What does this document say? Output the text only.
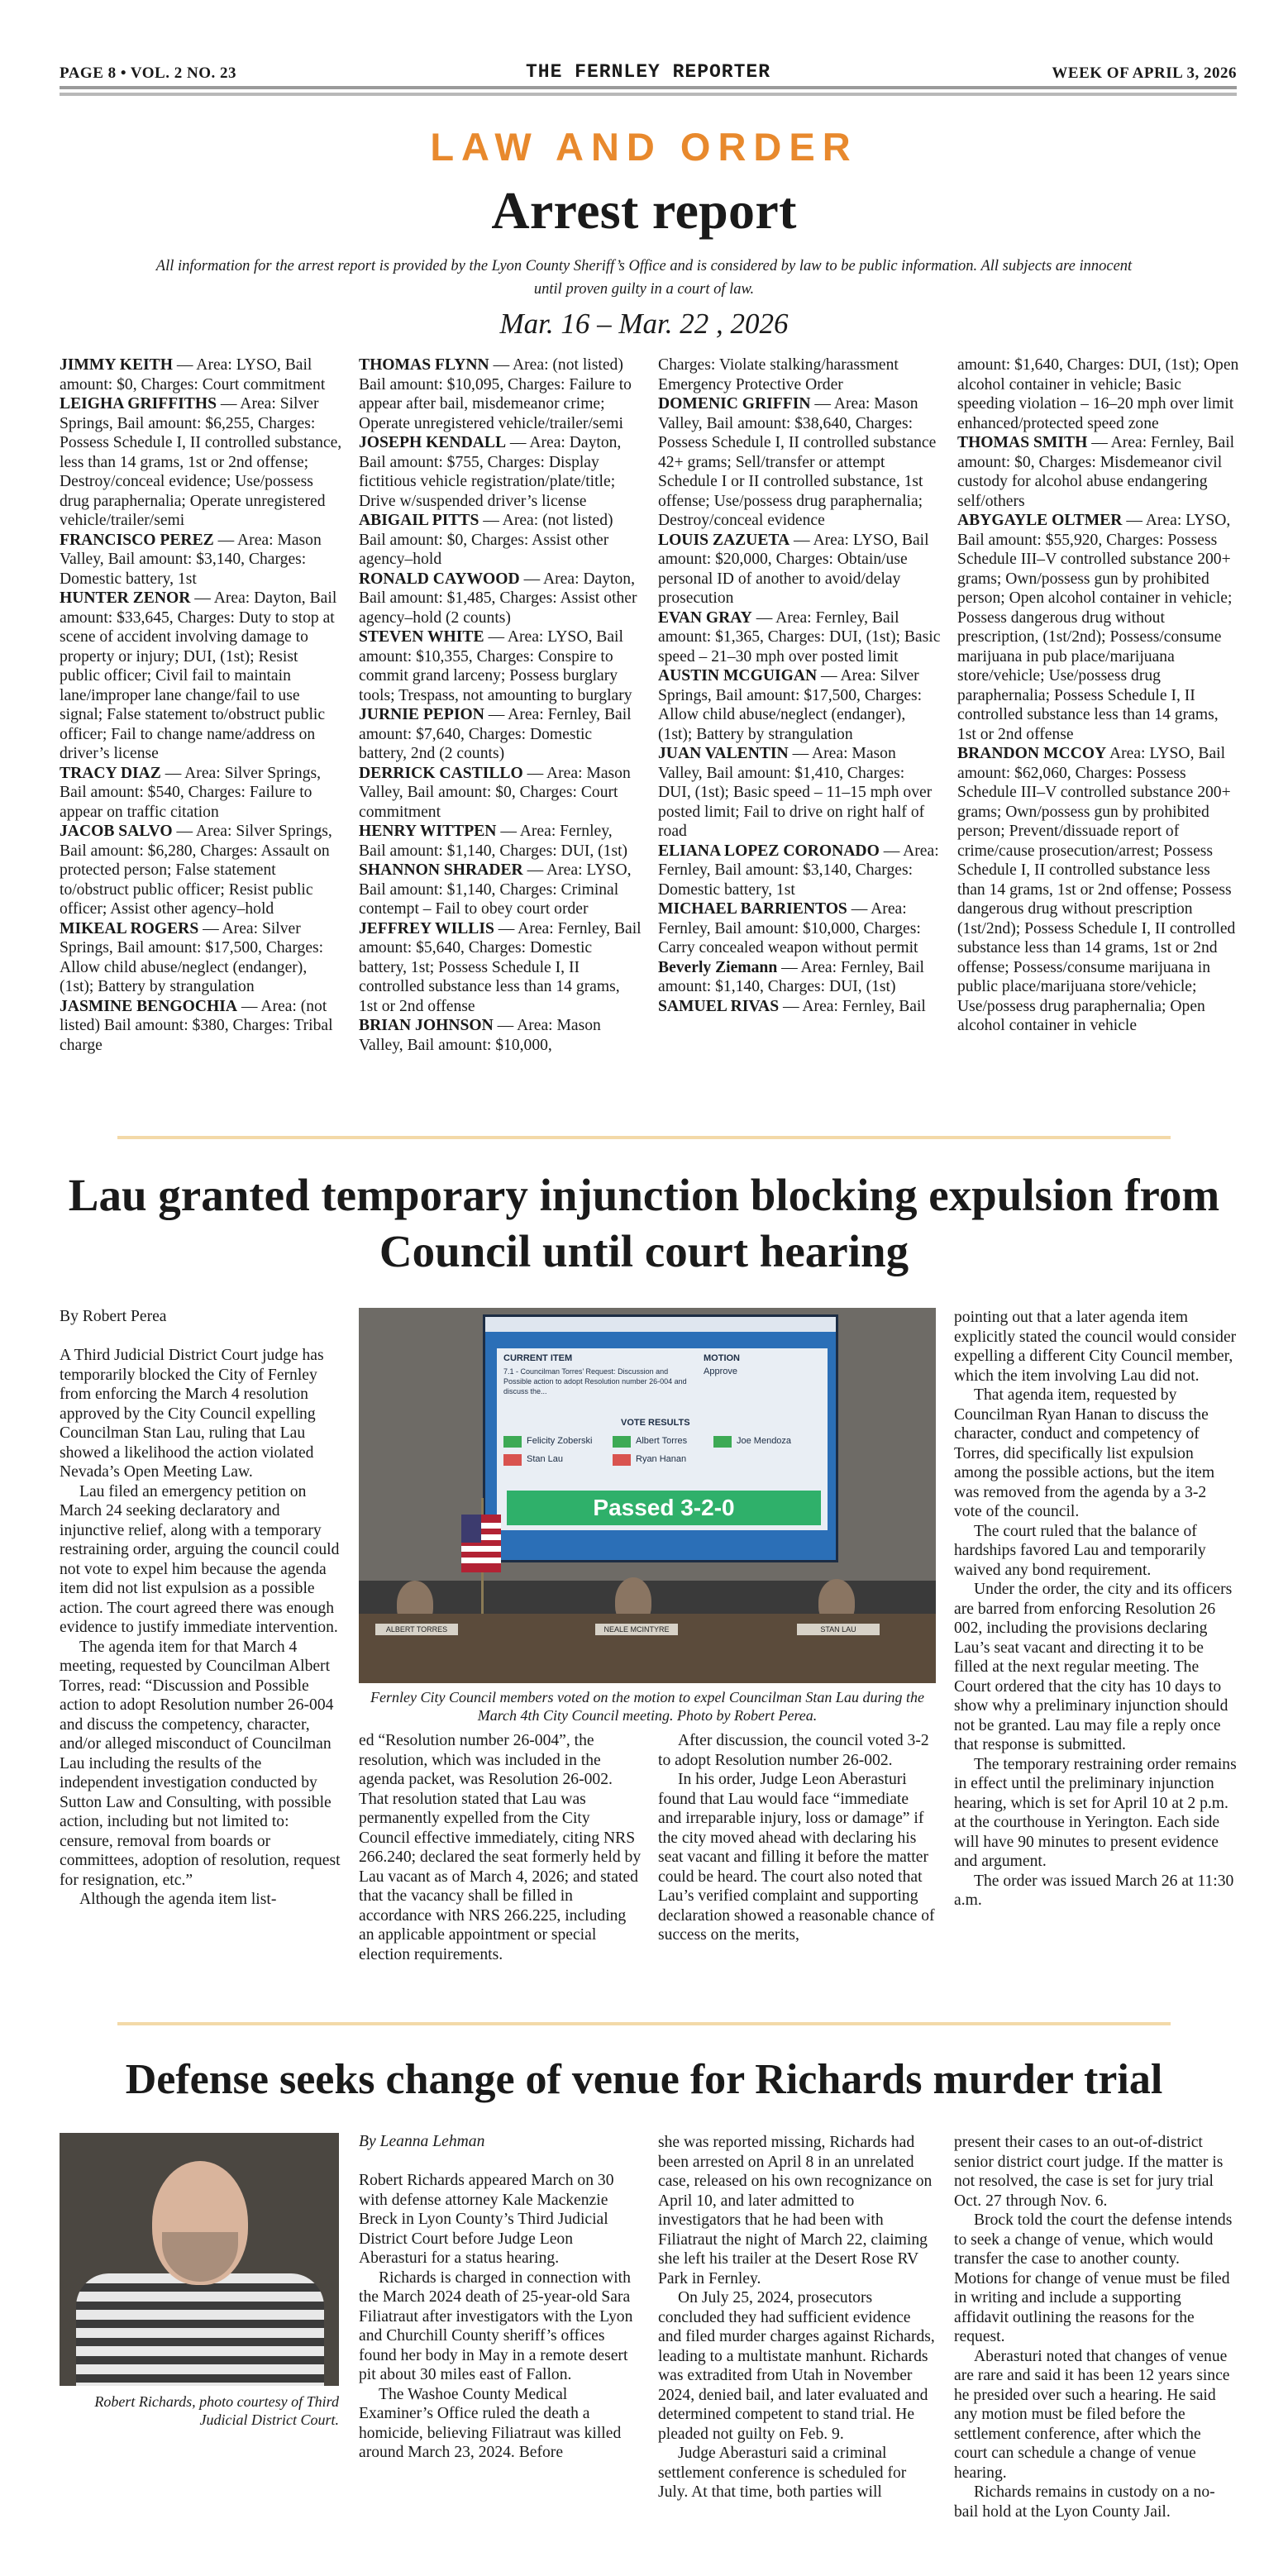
PAGE 8 • VOL. 2 NO. 23	THE FERNLEY REPORTER	WEEK OF APRIL 3, 2026
LAW AND ORDER
Arrest report
All information for the arrest report is provided by the Lyon County Sheriff’s Office and is considered by law to be public information. All subjects are innocent until proven guilty in a court of law.
Mar. 16 – Mar. 22 , 2026
JIMMY KEITH — Area: LYSO, Bail amount: $0, Charges: Court commitment
LEIGHA GRIFFITHS — Area: Silver Springs, Bail amount: $6,255, Charges: Possess Schedule I, II controlled substance, less than 14 grams, 1st or 2nd offense; Destroy/conceal evidence; Use/possess drug paraphernalia; Operate unregistered vehicle/trailer/semi
FRANCISCO PEREZ — Area: Mason Valley, Bail amount: $3,140, Charges: Domestic battery, 1st
HUNTER ZENOR — Area: Dayton, Bail amount: $33,645, Charges: Duty to stop at scene of accident involving damage to property or injury; DUI, (1st); Resist public officer; Civil fail to maintain lane/improper lane change/fail to use signal; False statement to/obstruct public officer; Fail to change name/address on driver’s license
TRACY DIAZ — Area: Silver Springs, Bail amount: $540, Charges: Failure to appear on traffic citation
JACOB SALVO — Area: Silver Springs, Bail amount: $6,280, Charges: Assault on protected person; False statement to/obstruct public officer; Resist public officer; Assist other agency–hold
MIKEAL ROGERS — Area: Silver Springs, Bail amount: $17,500, Charges: Allow child abuse/neglect (endanger), (1st); Battery by strangulation
JASMINE BENGOCHIA — Area: (not listed) Bail amount: $380, Charges: Tribal charge
THOMAS FLYNN — Area: (not listed) Bail amount: $10,095, Charges: Failure to appear after bail, misdemeanor crime; Operate unregistered vehicle/trailer/semi
JOSEPH KENDALL — Area: Dayton, Bail amount: $755, Charges: Display fictitious vehicle registration/plate/title; Drive w/suspended driver’s license
ABIGAIL PITTS — Area: (not listed) Bail amount: $0, Charges: Assist other agency–hold
RONALD CAYWOOD — Area: Dayton, Bail amount: $1,485, Charges: Assist other agency–hold (2 counts)
STEVEN WHITE — Area: LYSO, Bail amount: $10,355, Charges: Conspire to commit grand larceny; Possess burglary tools; Trespass, not amounting to burglary
JURNIE PEPION — Area: Fernley, Bail amount: $7,640, Charges: Domestic battery, 2nd (2 counts)
DERRICK CASTILLO — Area: Mason Valley, Bail amount: $0, Charges: Court commitment
HENRY WITTPEN — Area: Fernley, Bail amount: $1,140, Charges: DUI, (1st)
SHANNON SHRADER — Area: LYSO, Bail amount: $1,140, Charges: Criminal contempt – Fail to obey court order
JEFFREY WILLIS — Area: Fernley, Bail amount: $5,640, Charges: Domestic battery, 1st; Possess Schedule I, II controlled substance less than 14 grams, 1st or 2nd offense
BRIAN JOHNSON — Area: Mason Valley, Bail amount: $10,000,
Charges: Violate stalking/harassment Emergency Protective Order
DOMENIC GRIFFIN — Area: Mason Valley, Bail amount: $38,640, Charges: Possess Schedule I, II controlled substance 42+ grams; Sell/transfer or attempt Schedule I or II controlled substance, 1st offense; Use/possess drug paraphernalia; Destroy/conceal evidence
LOUIS ZAZUETA — Area: LYSO, Bail amount: $20,000, Charges: Obtain/use personal ID of another to avoid/delay prosecution
EVAN GRAY — Area: Fernley, Bail amount: $1,365, Charges: DUI, (1st); Basic speed – 21–30 mph over posted limit
AUSTIN MCGUIGAN — Area: Silver Springs, Bail amount: $17,500, Charges: Allow child abuse/neglect (endanger), (1st); Battery by strangulation
JUAN VALENTIN — Area: Mason Valley, Bail amount: $1,410, Charges: DUI, (1st); Basic speed – 11–15 mph over posted limit; Fail to drive on right half of road
ELIANA LOPEZ CORONADO — Area: Fernley, Bail amount: $3,140, Charges: Domestic battery, 1st
MICHAEL BARRIENTOS — Area: Fernley, Bail amount: $10,000, Charges: Carry concealed weapon without permit
Beverly Ziemann — Area: Fernley, Bail amount: $1,140, Charges: DUI, (1st)
SAMUEL RIVAS — Area: Fernley, Bail
amount: $1,640, Charges: DUI, (1st); Open alcohol container in vehicle; Basic speeding violation – 16–20 mph over limit enhanced/protected speed zone
THOMAS SMITH — Area: Fernley, Bail amount: $0, Charges: Misdemeanor civil custody for alcohol abuse endangering self/others
ABYGAYLE OLTMER — Area: LYSO, Bail amount: $55,920, Charges: Possess Schedule III–V controlled substance 200+ grams; Own/possess gun by prohibited person; Open alcohol container in vehicle; Possess dangerous drug without prescription, (1st/2nd); Possess/consume marijuana in pub place/marijuana store/vehicle; Use/possess drug paraphernalia; Possess Schedule I, II controlled substance less than 14 grams, 1st or 2nd offense
BRANDON MCCOY Area: LYSO, Bail amount: $62,060, Charges: Possess Schedule III–V controlled substance 200+ grams; Own/possess gun by prohibited person; Prevent/dissuade report of crime/cause prosecution/arrest; Possess Schedule I, II controlled substance less than 14 grams, 1st or 2nd offense; Possess dangerous drug without prescription (1st/2nd); Possess Schedule I, II controlled substance less than 14 grams, 1st or 2nd offense; Possess/consume marijuana in public place/marijuana store/vehicle; Use/possess drug paraphernalia; Open alcohol container in vehicle
Lau granted temporary injunction blocking expulsion from Council until court hearing
By Robert Perea

A Third Judicial District Court judge has temporarily blocked the City of Fernley from enforcing the March 4 resolution approved by the City Council expelling Councilman Stan Lau, ruling that Lau showed a likelihood the action violated Nevada’s Open Meeting Law.

Lau filed an emergency petition on March 24 seeking declaratory and injunctive relief, along with a temporary restraining order, arguing the council could not vote to expel him because the agenda item did not list expulsion as a possible action. The court agreed there was enough evidence to justify immediate intervention.

The agenda item for that March 4 meeting, requested by Councilman Albert Torres, read: “Discussion and Possible action to adopt Resolution number 26-004 and discuss the competency, character, and/or alleged misconduct of Councilman Lau including the results of the independent investigation conducted by Sutton Law and Consulting, with possible action, including but not limited to: censure, removal from boards or committees, adoption of resolution, request for resignation, etc.”

Although the agenda item list-

CURRENT ITEM	MOTION
7.1 - Councilman Torres’ Request: Discussion and Possible action to adopt Resolution number 26-004 and discuss the...
Approve
VOTE RESULTS
Felicity Zoberski	Albert Torres	Joe Mendoza
Stan Lau	Ryan Hanan
Passed 3-2-0
ALBERT TORRES	NEALE MCINTYRE	STAN LAU
Fernley City Council members voted on the motion to expel Councilman Stan Lau during the March 4th City Council meeting. Photo by Robert Perea.

ed “Resolution number 26-004”, the resolution, which was included in the agenda packet, was Resolution 26-002. That resolution stated that Lau was permanently expelled from the City Council effective immediately, citing NRS 266.240; declared the seat formerly held by Lau vacant as of March 4, 2026; and stated that the vacancy shall be filled in accordance with NRS 266.225, including an applicable appointment or special election requirements.

After discussion, the council voted 3-2 to adopt Resolution number 26-002.

In his order, Judge Leon Aberasturi found that Lau would face “immediate and irreparable injury, loss or damage” if the city moved ahead with declaring his seat vacant and filling it before the matter could be heard. The court also noted that Lau’s verified complaint and supporting declaration showed a reasonable chance of success on the merits,

pointing out that a later agenda item explicitly stated the council would consider expelling a different City Council member, which the item involving Lau did not.

That agenda item, requested by Councilman Ryan Hanan to discuss the character, conduct and competency of Torres, did specifically list expulsion among the possible actions, but the item was removed from the agenda by a 3-2 vote of the council.

The court ruled that the balance of hardships favored Lau and temporarily waived any bond requirement.

Under the order, the city and its officers are barred from enforcing Resolution 26 002, including the provisions declaring Lau’s seat vacant and directing it to be filled at the next regular meeting. The Court ordered that the city has 10 days to show why a preliminary injunction should not be granted. Lau may file a reply once that response is submitted.

The temporary restraining order remains in effect until the preliminary injunction hearing, which is set for April 10 at 2 p.m. at the courthouse in Yerington. Each side will have 90 minutes to present evidence and argument.

The order was issued March 26 at 11:30 a.m.

Defense seeks change of venue for Richards murder trial
Robert Richards, photo courtesy of Third Judicial District Court.
By Leanna Lehman

Robert Richards appeared March on 30 with defense attorney Kale Mackenzie Breck in Lyon County’s Third Judicial District Court before Judge Leon Aberasturi for a status hearing.

Richards is charged in connection with the March 2024 death of 25-year-old Sara Filiatraut after investigators with the Lyon and Churchill County sheriff’s offices found her body in May in a remote desert pit about 30 miles east of Fallon.

The Washoe County Medical Examiner’s Office ruled the death a homicide, believing Filiatraut was killed around March 23, 2024. Before

she was reported missing, Richards had been arrested on April 8 in an unrelated case, released on his own recognizance on April 10, and later admitted to investigators that he had been with Filiatraut the night of March 22, claiming she left his trailer at the Desert Rose RV Park in Fernley.

On July 25, 2024, prosecutors concluded they had sufficient evidence and filed murder charges against Richards, leading to a multistate manhunt. Richards was extradited from Utah in November 2024, denied bail, and later evaluated and determined competent to stand trial. He pleaded not guilty on Feb. 9.

Judge Aberasturi said a criminal settlement conference is scheduled for July. At that time, both parties will

present their cases to an out-of-district senior district court judge. If the matter is not resolved, the case is set for jury trial Oct. 27 through Nov. 6.

Brock told the court the defense intends to seek a change of venue, which would transfer the case to another county. Motions for change of venue must be filed in writing and include a supporting affidavit outlining the reasons for the request.

Aberasturi noted that changes of venue are rare and said it has been 12 years since he presided over such a hearing. He said any motion must be filed before the settlement conference, after which the court can schedule a change of venue hearing.

Richards remains in custody on a no-bail hold at the Lyon County Jail.
